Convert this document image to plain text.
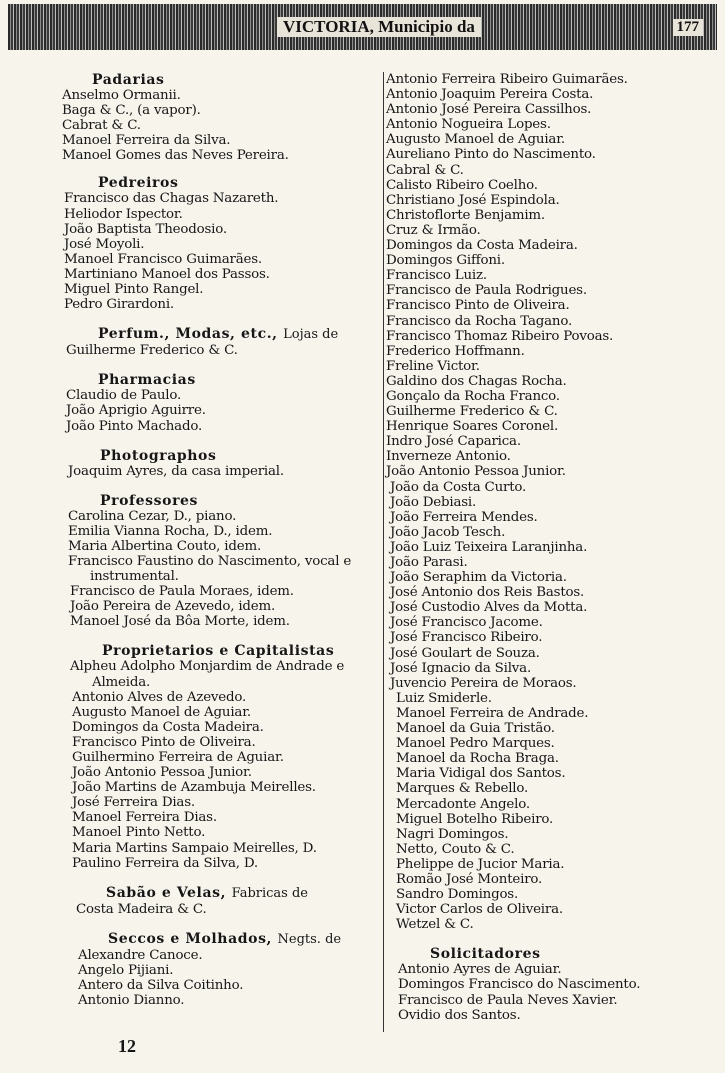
VICTORIA, Municipio da	177
Padarias
Anselmo Ormanii.
Baga & C., (a vapor).
Cabrat & C.
Manoel Ferreira da Silva.
Manoel Gomes das Neves Pereira.
Pedreiros
Francisco das Chagas Nazareth.
Heliodor Ispector.
João Baptista Theodosio.
José Moyoli.
Manoel Francisco Guimarães.
Martiniano Manoel dos Passos.
Miguel Pinto Rangel.
Pedro Girardoni.
Perfum., Modas, etc., Lojas de
Guilherme Frederico & C.
Pharmacias
Claudio de Paulo.
João Aprigio Aguirre.
João Pinto Machado.
Photographos
Joaquim Ayres, da casa imperial.
Professores
Carolina Cezar, D., piano.
Emilia Vianna Rocha, D., idem.
Maria Albertina Couto, idem.
Francisco Faustino do Nascimento, vocal e
instrumental.
Francisco de Paula Moraes, idem.
João Pereira de Azevedo, idem.
Manoel José da Bôa Morte, idem.
Proprietarios e Capitalistas
Alpheu Adolpho Monjardim de Andrade e
Almeida.
Antonio Alves de Azevedo.
Augusto Manoel de Aguiar.
Domingos da Costa Madeira.
Francisco Pinto de Oliveira.
Guilhermino Ferreira de Aguiar.
João Antonio Pessoa Junior.
João Martins de Azambuja Meirelles.
José Ferreira Dias.
Manoel Ferreira Dias.
Manoel Pinto Netto.
Maria Martins Sampaio Meirelles, D.
Paulino Ferreira da Silva, D.
Sabão e Velas, Fabricas de
Costa Madeira & C.
Seccos e Molhados, Negts. de
Alexandre Canoce.
Angelo Pijiani.
Antero da Silva Coitinho.
Antonio Dianno.
Antonio Ferreira Ribeiro Guimarães.
Antonio Joaquim Pereira Costa.
Antonio José Pereira Cassilhos.
Antonio Nogueira Lopes.
Augusto Manoel de Aguiar.
Aureliano Pinto do Nascimento.
Cabral & C.
Calisto Ribeiro Coelho.
Christiano José Espindola.
Christoflorte Benjamim.
Cruz & Irmão.
Domingos da Costa Madeira.
Domingos Giffoni.
Francisco Luiz.
Francisco de Paula Rodrigues.
Francisco Pinto de Oliveira.
Francisco da Rocha Tagano.
Francisco Thomaz Ribeiro Povoas.
Frederico Hoffmann.
Freline Victor.
Galdino dos Chagas Rocha.
Gonçalo da Rocha Franco.
Guilherme Frederico & C.
Henrique Soares Coronel.
Indro José Caparica.
Inverneze Antonio.
João Antonio Pessoa Junior.
João da Costa Curto.
João Debiasi.
João Ferreira Mendes.
João Jacob Tesch.
João Luiz Teixeira Laranjinha.
João Parasi.
João Seraphim da Victoria.
José Antonio dos Reis Bastos.
José Custodio Alves da Motta.
José Francisco Jacome.
José Francisco Ribeiro.
José Goulart de Souza.
José Ignacio da Silva.
Juvencio Pereira de Moraos.
Luiz Smiderle.
Manoel Ferreira de Andrade.
Manoel da Guia Tristão.
Manoel Pedro Marques.
Manoel da Rocha Braga.
Maria Vidigal dos Santos.
Marques & Rebello.
Mercadonte Angelo.
Miguel Botelho Ribeiro.
Nagri Domingos.
Netto, Couto & C.
Phelippe de Jucior Maria.
Romão José Monteiro.
Sandro Domingos.
Victor Carlos de Oliveira.
Wetzel & C.
Solicitadores
Antonio Ayres de Aguiar.
Domingos Francisco do Nascimento.
Francisco de Paula Neves Xavier.
Ovidio dos Santos.
12
